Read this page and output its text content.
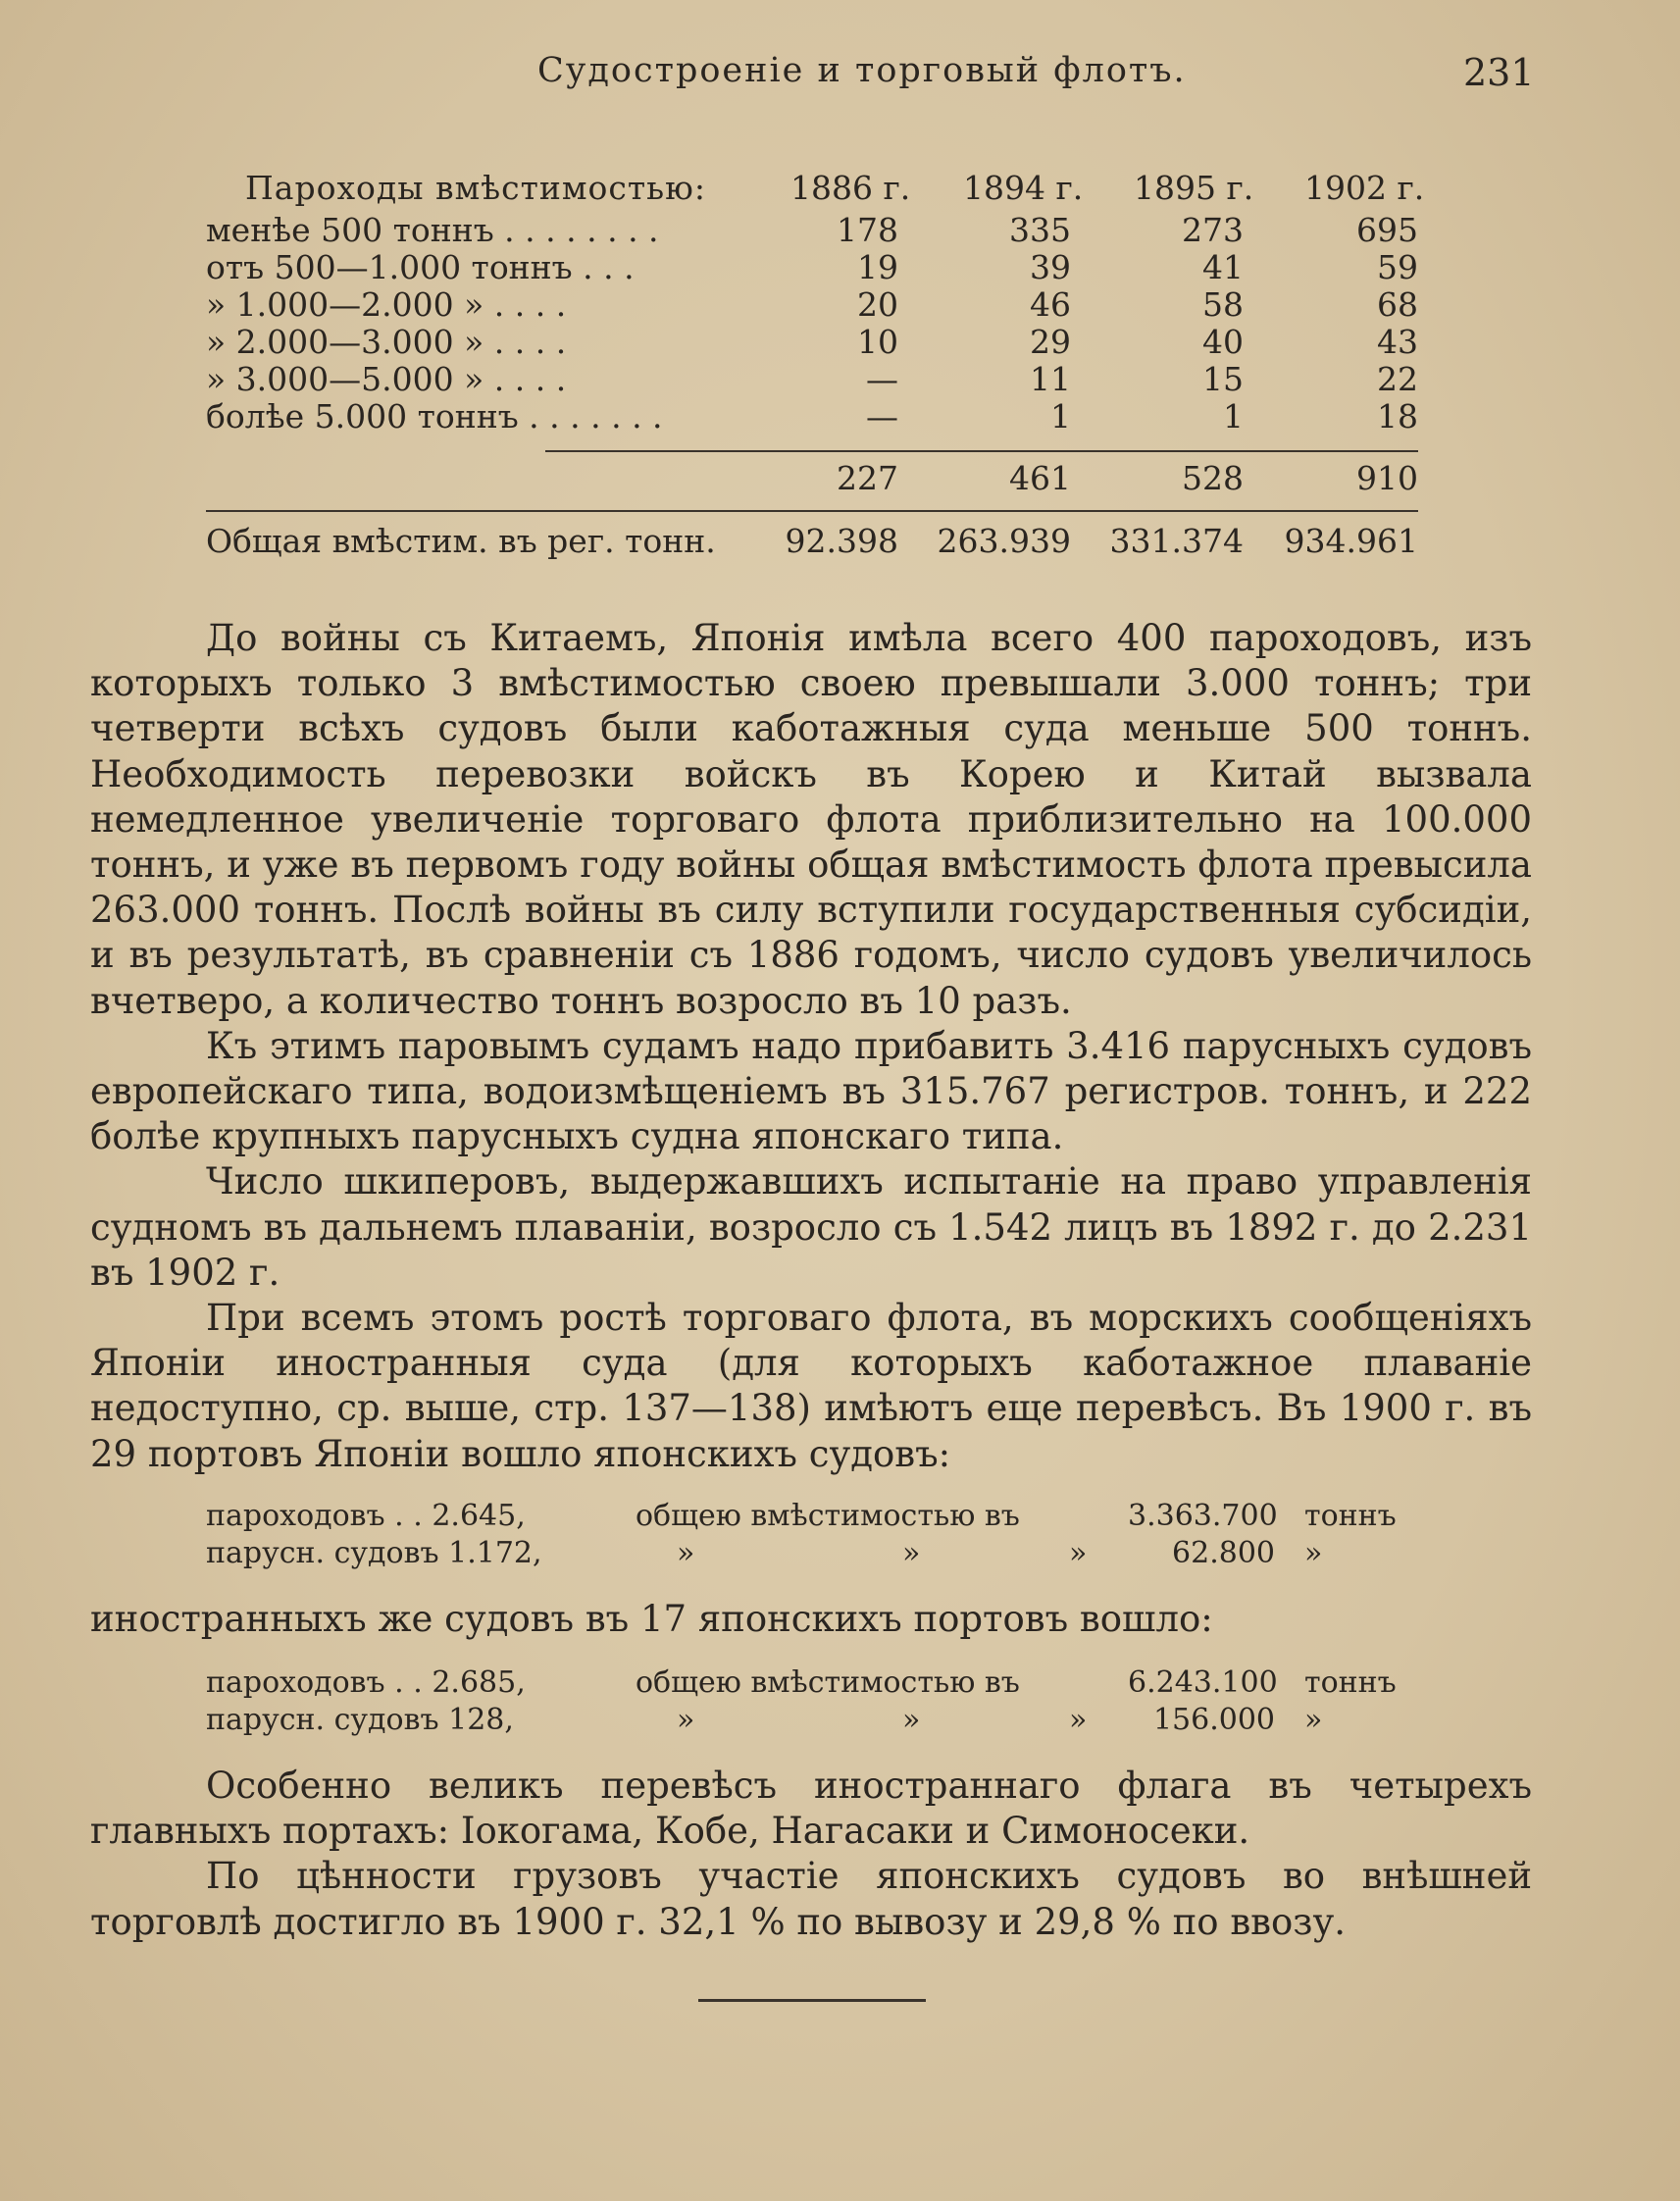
Судостроеніе и торговый флотъ.	231
Пароходы вмѣстимостью:	1886 г. 1894 г. 1895 г. 1902 г.
менѣе 500 тоннъ . . . . . . . .	178	335	273	695
отъ 500—1.000 тоннъ . . .	19	39	41	59
» 1.000—2.000 » . . . .	20	46	58	68
» 2.000—3.000 » . . . .	10	29	40	43
» 3.000—5.000 » . . . .	—	11	15	22
болѣе 5.000 тоннъ . . . . . . .	—	1	1	18
227	461	528	910
Общая вмѣстим. въ рег. тонн.	92.398	263.939	331.374	934.961

До войны съ Китаемъ, Японія имѣла всего 400 пароходовъ, изъ которыхъ только 3 вмѣстимостью своею превышали 3.000 тоннъ; три четверти всѣхъ судовъ были каботажныя суда меньше 500 тоннъ. Необходимость перевозки войскъ въ Корею и Китай вызвала немедленное увеличеніе торговаго флота приблизительно на 100.000 тоннъ, и уже въ первомъ году войны общая вмѣстимость флота превысила 263.000 тоннъ. Послѣ войны въ силу вступили государственныя субсидіи, и въ результатѣ, въ сравненіи съ 1886 годомъ, число судовъ увеличилось вчетверо, а количество тоннъ возросло въ 10 разъ.

Къ этимъ паровымъ судамъ надо прибавить 3.416 парусныхъ судовъ европейскаго типа, водоизмѣщеніемъ въ 315.767 регистров. тоннъ, и 222 болѣе крупныхъ парусныхъ судна японскаго типа.

Число шкиперовъ, выдержавшихъ испытаніе на право управленія судномъ въ дальнемъ плаваніи, возросло съ 1.542 лицъ въ 1892 г. до 2.231 въ 1902 г.

При всемъ этомъ ростѣ торговаго флота, въ морскихъ сообщеніяхъ Японіи иностранныя суда (для которыхъ каботажное плаваніе недоступно, ср. выше, стр. 137—138) имѣютъ еще перевѣсъ. Въ 1900 г. въ 29 портовъ Японіи вошло японскихъ судовъ:

пароходовъ . . 2.645,	общею вмѣстимостью въ	3.363.700 тоннъ
парусн. судовъ 1.172,	»	»	»	62.800 »

иностранныхъ же судовъ въ 17 японскихъ портовъ вошло:

пароходовъ . . 2.685,	общею вмѣстимостью въ	6.243.100 тоннъ
парусн. судовъ 128,	»	»	»	156.000 »

Особенно великъ перевѣсъ иностраннаго флага въ четырехъ главныхъ портахъ: Іокогама, Кобе, Нагасаки и Симоносеки.

По цѣнности грузовъ участіе японскихъ судовъ во внѣшней торговлѣ достигло въ 1900 г. 32,1 % по вывозу и 29,8 % по ввозу.
